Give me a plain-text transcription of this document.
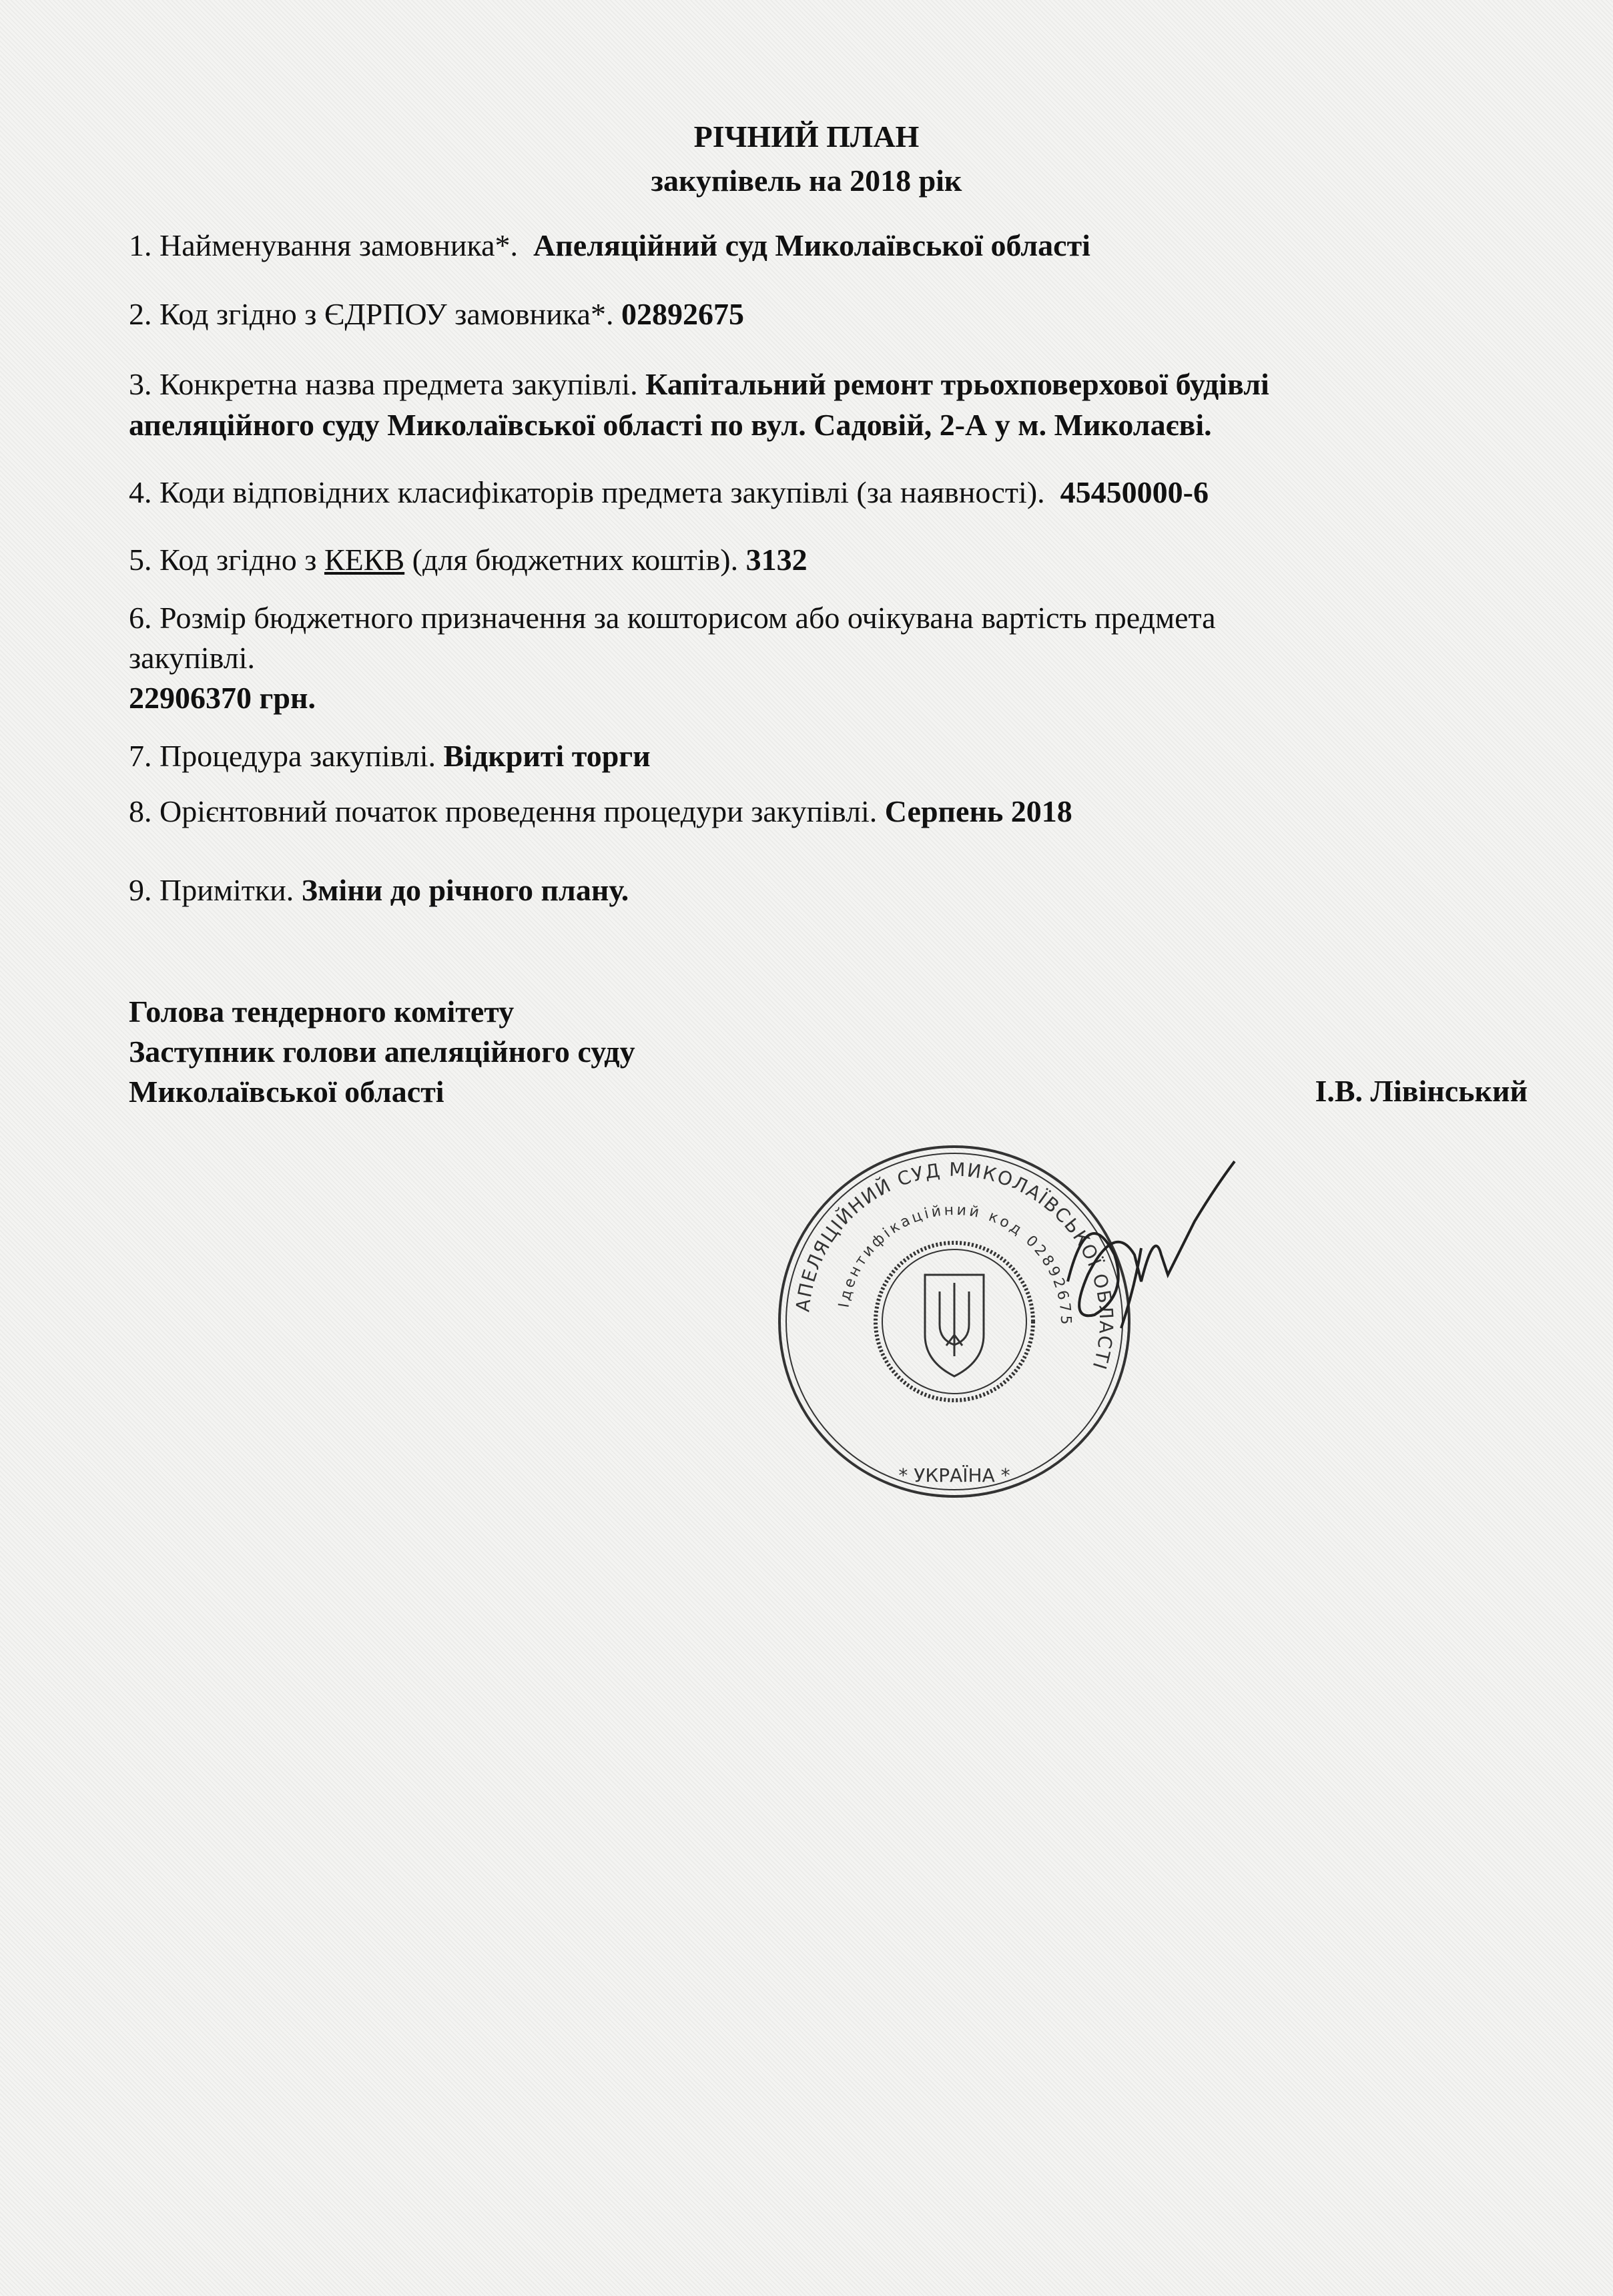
РІЧНИЙ ПЛАН
закупівель на 2018 рік
1. Найменування замовника*. Апеляційний суд Миколаївської області
2. Код згідно з ЄДРПОУ замовника*. 02892675
3. Конкретна назва предмета закупівлі. Капітальний ремонт трьохповерхової будівлі
апеляційного суду Миколаївської області по вул. Садовій, 2-А у м. Миколаєві.
4. Коди відповідних класифікаторів предмета закупівлі (за наявності). 45450000-6
5. Код згідно з КЕКВ (для бюджетних коштів). 3132
6. Розмір бюджетного призначення за кошторисом або очікувана вартість предмета
закупівлі.
22906370 грн.
7. Процедура закупівлі. Відкриті торги
8. Орієнтовний початок проведення процедури закупівлі. Серпень 2018
9. Примітки. Зміни до річного плану.
Голова тендерного комітету
Заступник голови апеляційного суду
Миколаївської області	І.В. Лівінський
АПЕЛЯЦІЙНИЙ СУД МИКОЛАЇВСЬКОЇ ОБЛАСТІ
Ідентифікаційний код 02892675
* УКРАЇНА *
